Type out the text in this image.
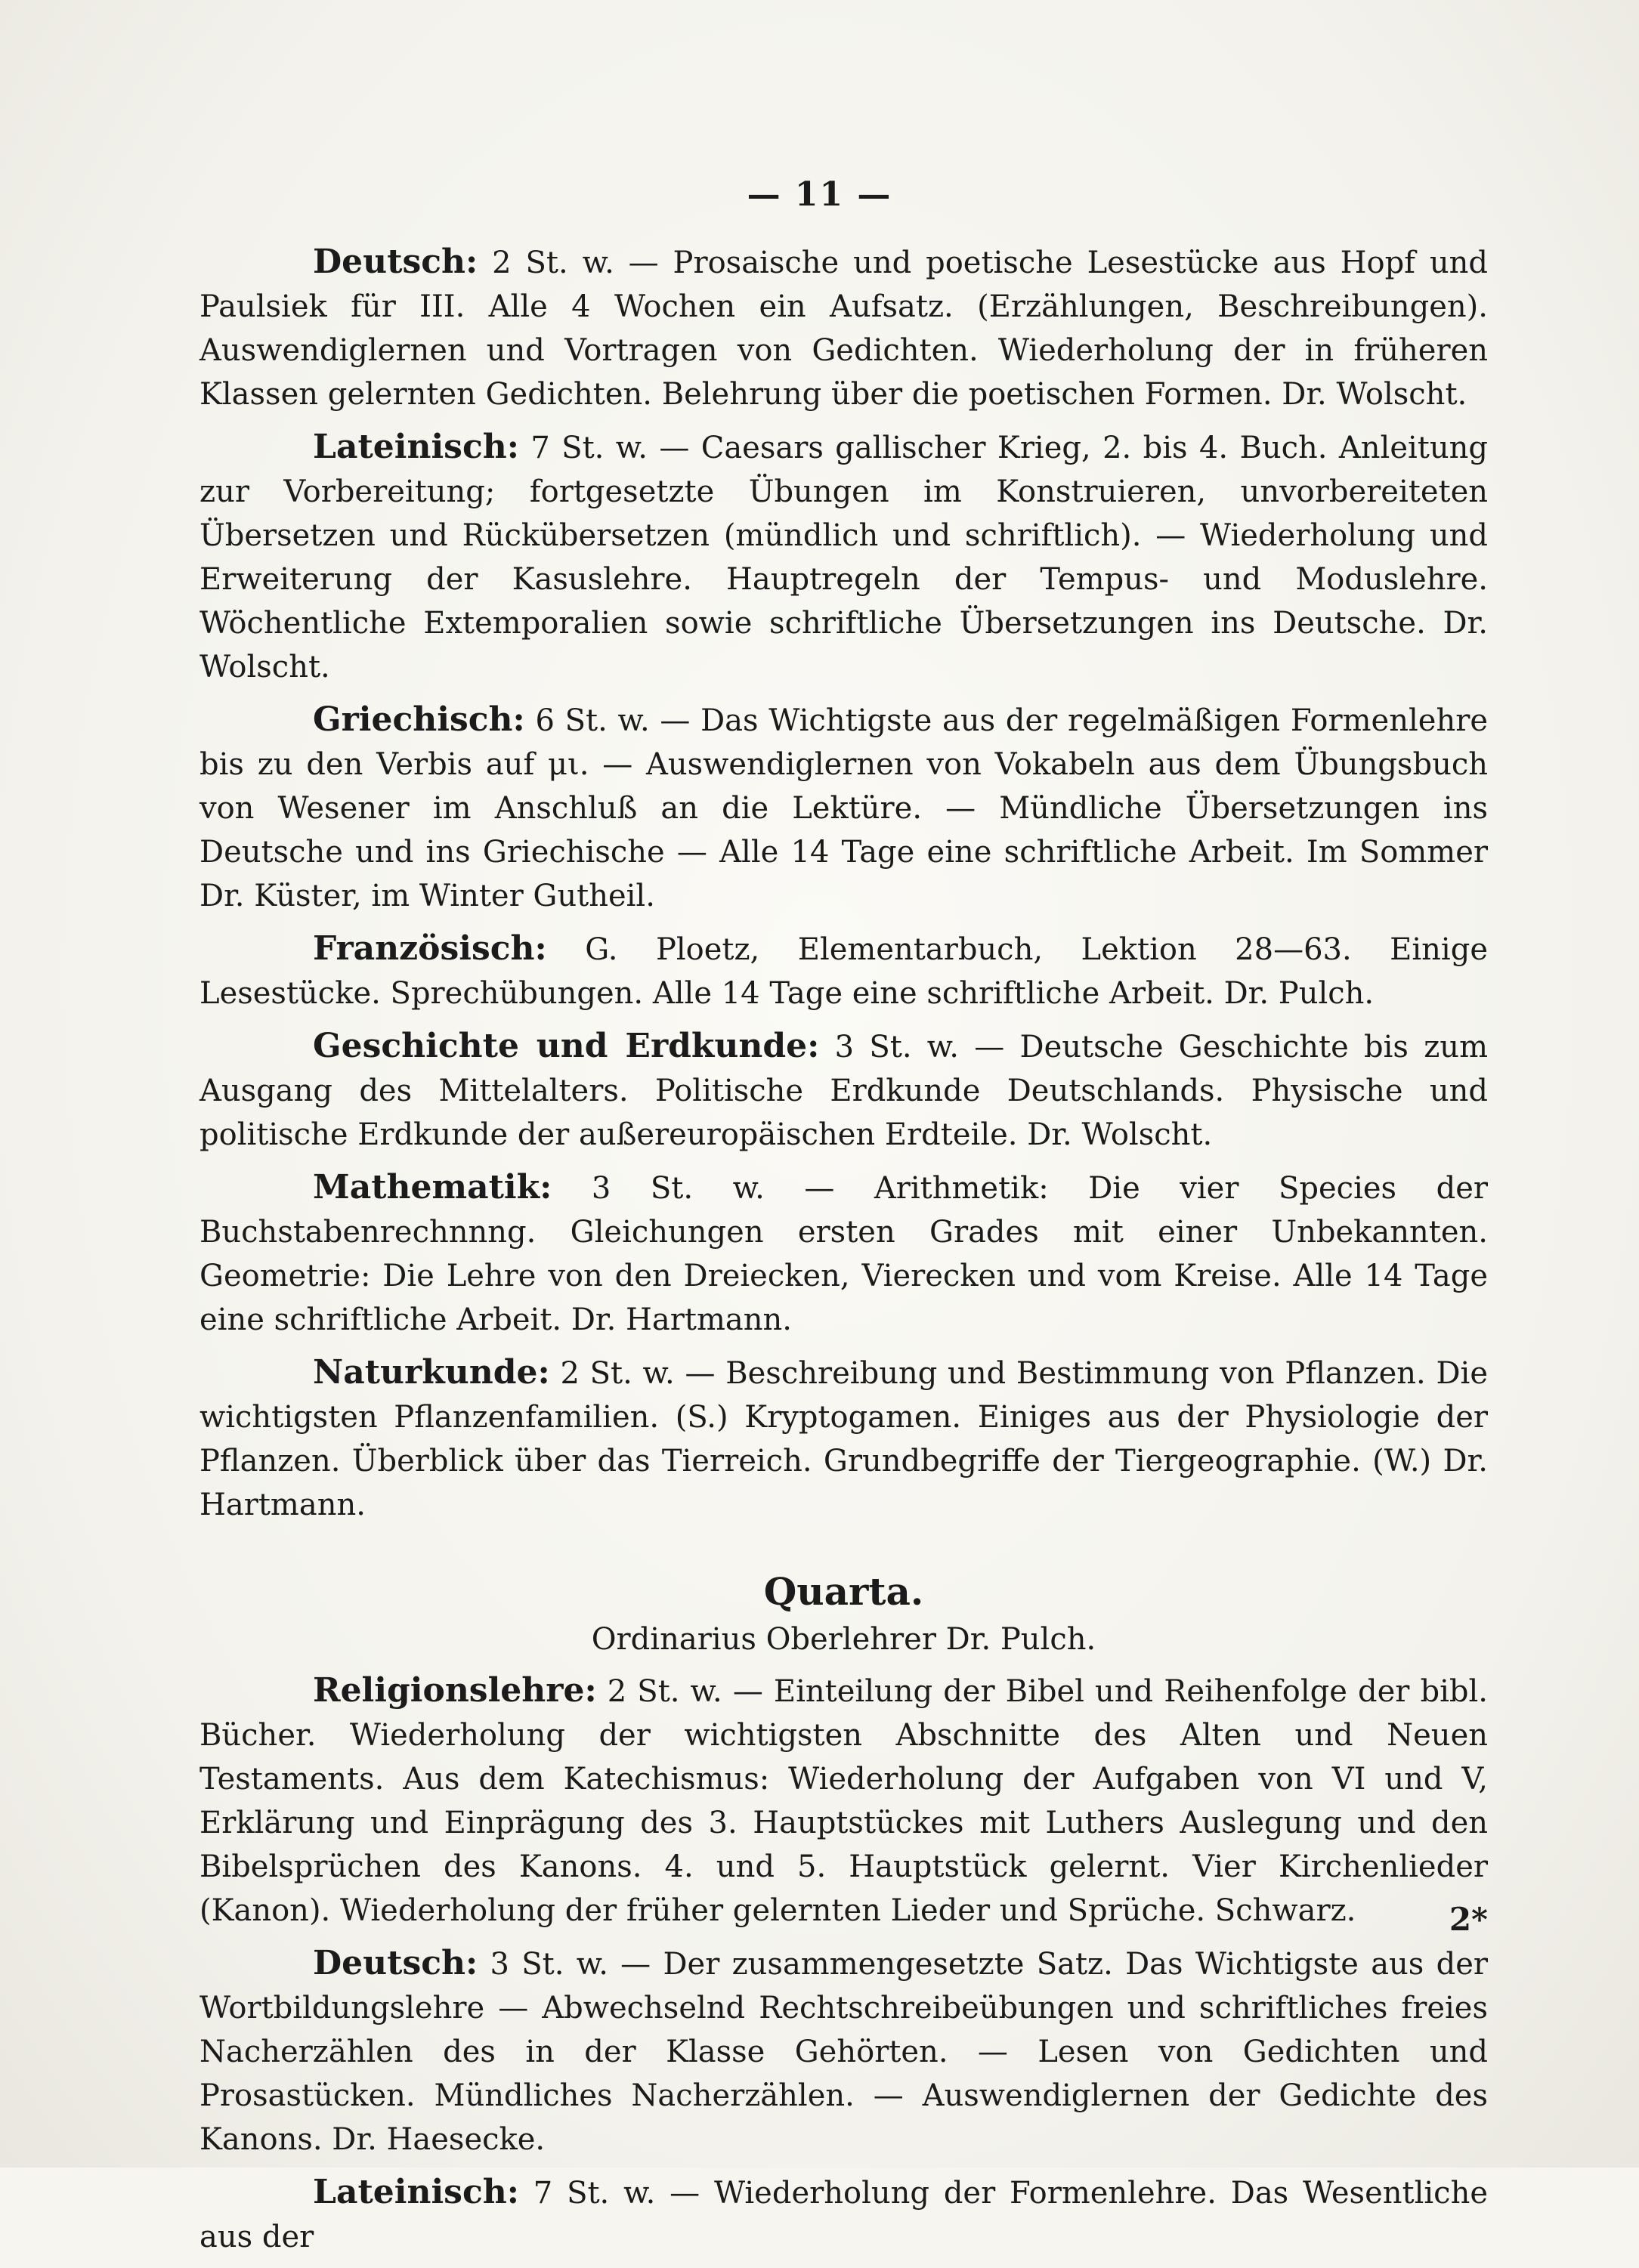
— 11 —

Deutsch: 2 St. w. — Prosaische und poetische Lesestücke aus Hopf und Paulsiek für III. Alle 4 Wochen ein Aufsatz. (Erzählungen, Beschreibungen). Auswendiglernen und Vortragen von Gedichten. Wiederholung der in früheren Klassen gelernten Gedichten. Belehrung über die poetischen Formen. Dr. Wolscht.

Lateinisch: 7 St. w. — Caesars gallischer Krieg, 2. bis 4. Buch. Anleitung zur Vorbereitung; fortgesetzte Übungen im Konstruieren, unvorbereiteten Übersetzen und Rückübersetzen (mündlich und schriftlich). — Wiederholung und Erweiterung der Kasuslehre. Hauptregeln der Tempus- und Moduslehre. Wöchentliche Extemporalien sowie schriftliche Übersetzungen ins Deutsche. Dr. Wolscht.

Griechisch: 6 St. w. — Das Wichtigste aus der regelmäßigen Formenlehre bis zu den Verbis auf μι. — Auswendiglernen von Vokabeln aus dem Übungsbuch von Wesener im Anschluß an die Lektüre. — Mündliche Übersetzungen ins Deutsche und ins Griechische — Alle 14 Tage eine schriftliche Arbeit. Im Sommer Dr. Küster, im Winter Gutheil.

Französisch: G. Ploetz, Elementarbuch, Lektion 28—63. Einige Lesestücke. Sprechübungen. Alle 14 Tage eine schriftliche Arbeit. Dr. Pulch.

Geschichte und Erdkunde: 3 St. w. — Deutsche Geschichte bis zum Ausgang des Mittelalters. Politische Erdkunde Deutschlands. Physische und politische Erdkunde der außereuropäischen Erdteile. Dr. Wolscht.

Mathematik: 3 St. w. — Arithmetik: Die vier Species der Buchstabenrechnnng. Gleichungen ersten Grades mit einer Unbekannten. Geometrie: Die Lehre von den Dreiecken, Vierecken und vom Kreise. Alle 14 Tage eine schriftliche Arbeit. Dr. Hartmann.

Naturkunde: 2 St. w. — Beschreibung und Bestimmung von Pflanzen. Die wichtigsten Pflanzenfamilien. (S.) Kryptogamen. Einiges aus der Physiologie der Pflanzen. Überblick über das Tierreich. Grundbegriffe der Tiergeographie. (W.) Dr. Hartmann.

Quarta.
Ordinarius Oberlehrer Dr. Pulch.

Religionslehre: 2 St. w. — Einteilung der Bibel und Reihenfolge der bibl. Bücher. Wiederholung der wichtigsten Abschnitte des Alten und Neuen Testaments. Aus dem Katechismus: Wiederholung der Aufgaben von VI und V, Erklärung und Einprägung des 3. Hauptstückes mit Luthers Auslegung und den Bibelsprüchen des Kanons. 4. und 5. Hauptstück gelernt. Vier Kirchenlieder (Kanon). Wiederholung der früher gelernten Lieder und Sprüche. Schwarz.

Deutsch: 3 St. w. — Der zusammengesetzte Satz. Das Wichtigste aus der Wortbildungslehre — Abwechselnd Rechtschreibeübungen und schriftliches freies Nacherzählen des in der Klasse Gehörten. — Lesen von Gedichten und Prosastücken. Mündliches Nacherzählen. — Auswendiglernen der Gedichte des Kanons. Dr. Haesecke.

Lateinisch: 7 St. w. — Wiederholung der Formenlehre. Das Wesentliche aus der

2*
